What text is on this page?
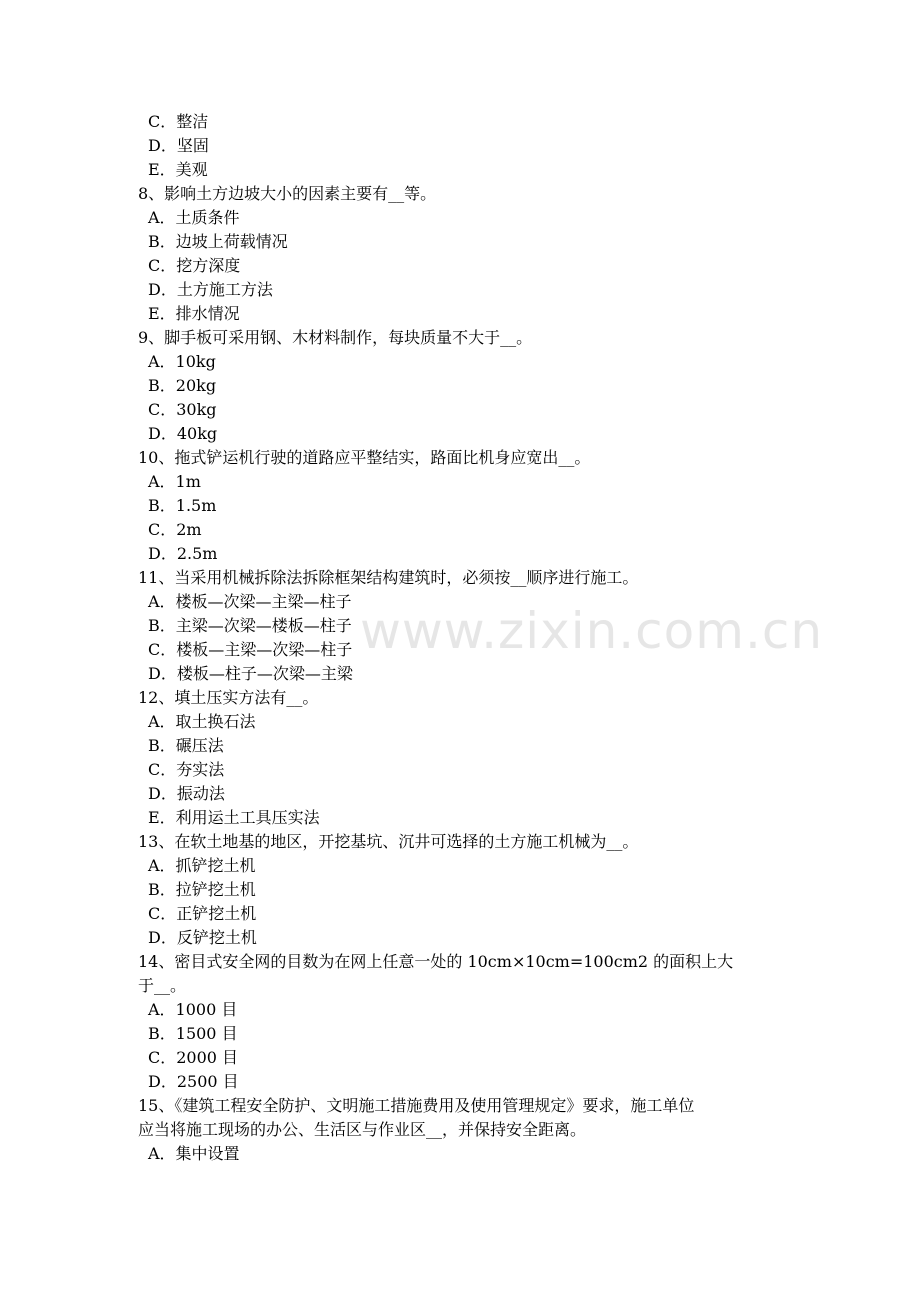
www.zixin.com.cn
C．整洁
D．坚固
E．美观
8、影响土方边坡大小的因素主要有__等。
A．土质条件
B．边坡上荷载情况
C．挖方深度
D．土方施工方法
E．排水情况
9、脚手板可采用钢、木材料制作，每块质量不大于__。
A．10kg
B．20kg
C．30kg
D．40kg
10、拖式铲运机行驶的道路应平整结实，路面比机身应宽出__。
A．1m
B．1.5m
C．2m
D．2.5m
11、当采用机械拆除法拆除框架结构建筑时，必须按__顺序进行施工。
A．楼板—次梁—主梁—柱子
B．主梁—次梁—楼板—柱子
C．楼板—主梁—次梁—柱子
D．楼板—柱子—次梁—主梁
12、填土压实方法有__。
A．取土换石法
B．碾压法
C．夯实法
D．振动法
E．利用运土工具压实法
13、在软土地基的地区，开挖基坑、沉井可选择的土方施工机械为__。
A．抓铲挖土机
B．拉铲挖土机
C．正铲挖土机
D．反铲挖土机
14、密目式安全网的目数为在网上任意一处的 10cm×10cm=100cm2 的面积上大
于__。
A．1000 目
B．1500 目
C．2000 目
D．2500 目
15、《建筑工程安全防护、文明施工措施费用及使用管理规定》要求，施工单位
应当将施工现场的办公、生活区与作业区__，并保持安全距离。
A．集中设置
